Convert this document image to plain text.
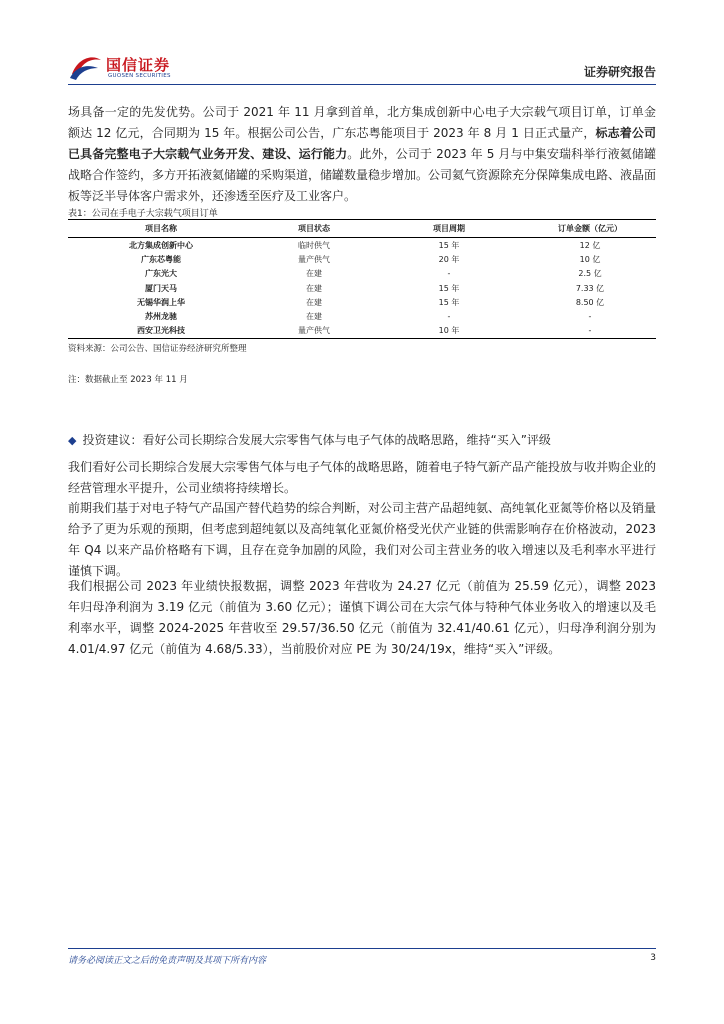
国信证券
GUOSEN SECURITIES	证券研究报告
场具备一定的先发优势。公司于 2021 年 11 月拿到首单，北方集成创新中心电子大宗载气项目订单，订单金额达 12 亿元，合同期为 15 年。根据公司公告，广东芯粤能项目于 2023 年 8 月 1 日正式量产，标志着公司已具备完整电子大宗载气业务开发、建设、运行能力。此外，公司于 2023 年 5 月与中集安瑞科举行液氦储罐战略合作签约，多方开拓液氦储罐的采购渠道，储罐数量稳步增加。公司氦气资源除充分保障集成电路、液晶面板等泛半导体客户需求外，还渗透至医疗及工业客户。
表1：公司在手电子大宗载气项目订单
项目名称	项目状态	项目周期	订单金额（亿元）
北方集成创新中心	临时供气	15 年	12 亿
广东芯粤能	量产供气	20 年	10 亿
广东光大	在建	-	2.5 亿
厦门天马	在建	15 年	7.33 亿
无锡华润上华	在建	15 年	8.50 亿
苏州龙驰	在建	-	-
西安卫光科技	量产供气	10 年	-
资料来源：公司公告、国信证券经济研究所整理
注：数据截止至 2023 年 11 月
◆ 投资建议：看好公司长期综合发展大宗零售气体与电子气体的战略思路，维持“买入”评级
我们看好公司长期综合发展大宗零售气体与电子气体的战略思路，随着电子特气新产品产能投放与收并购企业的经营管理水平提升，公司业绩将持续增长。
前期我们基于对电子特气产品国产替代趋势的综合判断，对公司主营产品超纯氨、高纯氧化亚氮等价格以及销量给予了更为乐观的预期，但考虑到超纯氨以及高纯氧化亚氮价格受光伏产业链的供需影响存在价格波动，2023 年 Q4 以来产品价格略有下调，且存在竞争加剧的风险，我们对公司主营业务的收入增速以及毛利率水平进行谨慎下调。
我们根据公司 2023 年业绩快报数据，调整 2023 年营收为 24.27 亿元（前值为 25.59 亿元），调整 2023 年归母净利润为 3.19 亿元（前值为 3.60 亿元）；谨慎下调公司在大宗气体与特种气体业务收入的增速以及毛利率水平，调整 2024-2025 年营收至 29.57/36.50 亿元（前值为 32.41/40.61 亿元），归母净利润分别为 4.01/4.97 亿元（前值为 4.68/5.33），当前股价对应 PE 为 30/24/19x，维持“买入”评级。
请务必阅读正文之后的免责声明及其项下所有内容	3
